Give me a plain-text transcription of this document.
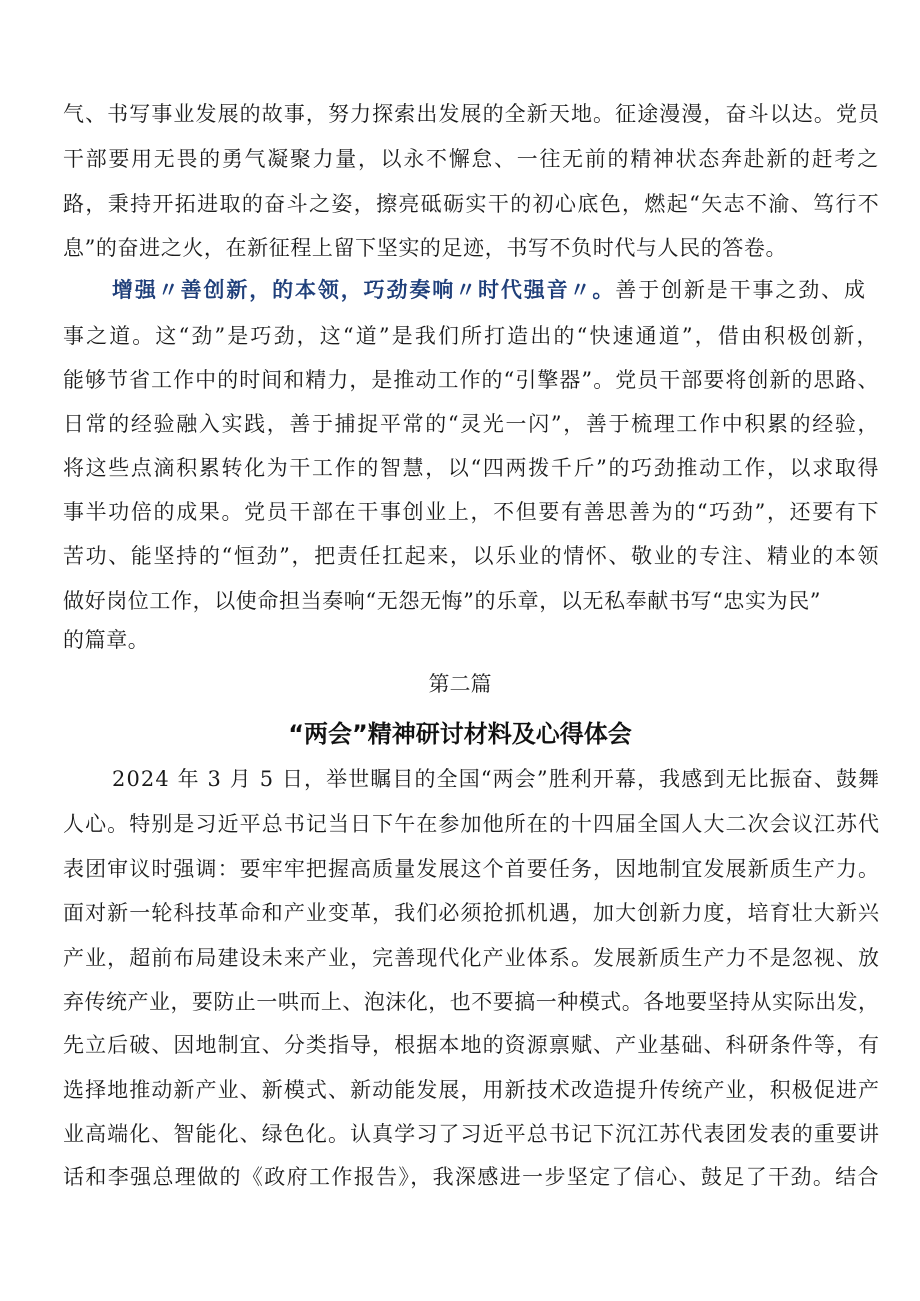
气、书写事业发展的故事，努力探索出发展的全新天地。征途漫漫，奋斗以达。党员
干部要用无畏的勇气凝聚力量，以永不懈怠、一往无前的精神状态奔赴新的赶考之
路，秉持开拓进取的奋斗之姿，擦亮砥砺实干的初心底色，燃起“矢志不渝、笃行不
息”的奋进之火，在新征程上留下坚实的足迹，书写不负时代与人民的答卷。
增强〃善创新，的本领，巧劲奏响〃时代强音〃。善于创新是干事之劲、成
事之道。这“劲”是巧劲，这“道”是我们所打造出的“快速通道”，借由积极创新，
能够节省工作中的时间和精力，是推动工作的“引擎器”。党员干部要将创新的思路、
日常的经验融入实践，善于捕捉平常的“灵光一闪”，善于梳理工作中积累的经验，
将这些点滴积累转化为干工作的智慧，以“四两拨千斤”的巧劲推动工作，以求取得
事半功倍的成果。党员干部在干事创业上，不但要有善思善为的“巧劲”，还要有下
苦功、能坚持的“恒劲”，把责任扛起来，以乐业的情怀、敬业的专注、精业的本领
做好岗位工作，以使命担当奏响“无怨无悔”的乐章，以无私奉献书写“忠实为民”
的篇章。
第二篇
“两会”精神研讨材料及心得体会
2024 年 3 月 5 日，举世瞩目的全国“两会”胜利开幕，我感到无比振奋、鼓舞
人心。特别是习近平总书记当日下午在参加他所在的十四届全国人大二次会议江苏代
表团审议时强调：要牢牢把握高质量发展这个首要任务，因地制宜发展新质生产力。
面对新一轮科技革命和产业变革，我们必须抢抓机遇，加大创新力度，培育壮大新兴
产业，超前布局建设未来产业，完善现代化产业体系。发展新质生产力不是忽视、放
弃传统产业，要防止一哄而上、泡沫化，也不要搞一种模式。各地要坚持从实际出发，
先立后破、因地制宜、分类指导，根据本地的资源禀赋、产业基础、科研条件等，有
选择地推动新产业、新模式、新动能发展，用新技术改造提升传统产业，积极促进产
业高端化、智能化、绿色化。认真学习了习近平总书记下沉江苏代表团发表的重要讲
话和李强总理做的《政府工作报告》，我深感进一步坚定了信心、鼓足了干劲。结合
